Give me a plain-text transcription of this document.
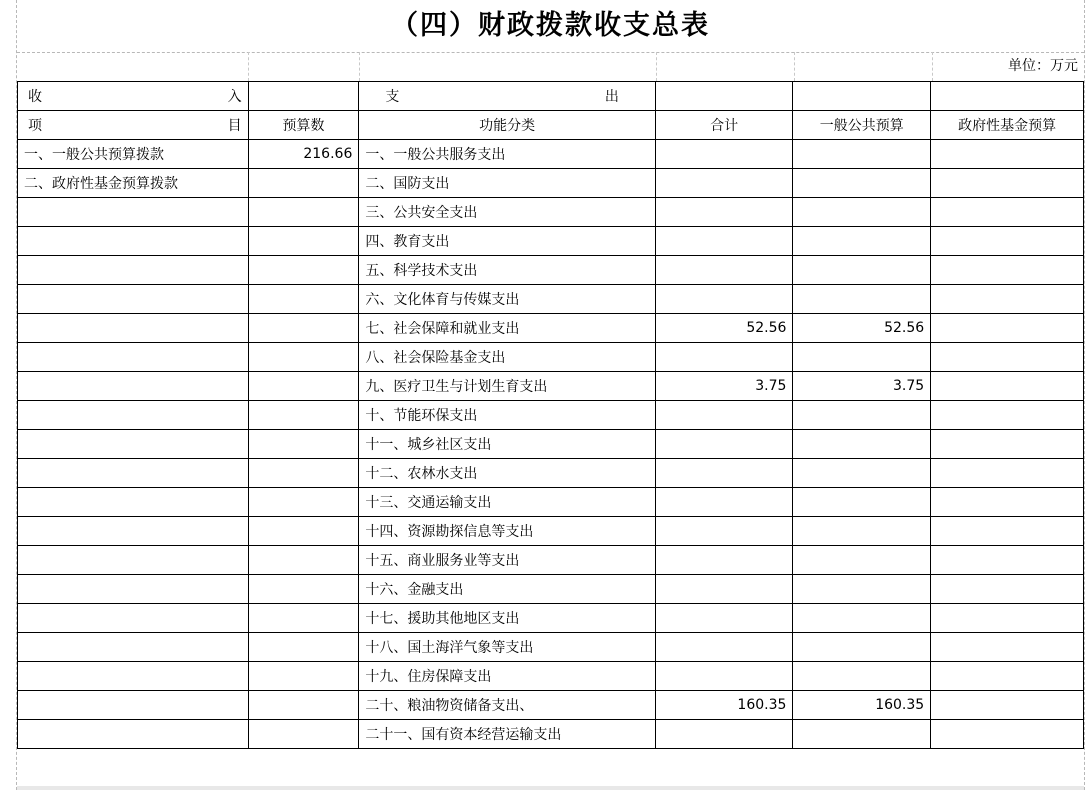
（四）财政拨款收支总表
单位：万元
收 入		支 出			

项 目	预算数	功能分类	合计	一般公共预算	政府性基金预算
一、一般公共预算拨款	216.66	一、一般公共服务支出			
二、政府性基金预算拨款		二、国防支出			
		三、公共安全支出			
		四、教育支出			
		五、科学技术支出			
		六、文化体育与传媒支出			
		七、社会保障和就业支出	52.56	52.56	
		八、社会保险基金支出			
		九、医疗卫生与计划生育支出	3.75	3.75	
		十、节能环保支出			
		十一、城乡社区支出			
		十二、农林水支出			
		十三、交通运输支出			
		十四、资源勘探信息等支出			
		十五、商业服务业等支出			
		十六、金融支出			
		十七、援助其他地区支出			
		十八、国土海洋气象等支出			
		十九、住房保障支出			
		二十、粮油物资储备支出、	160.35	160.35	
		二十一、国有资本经营运输支出			
